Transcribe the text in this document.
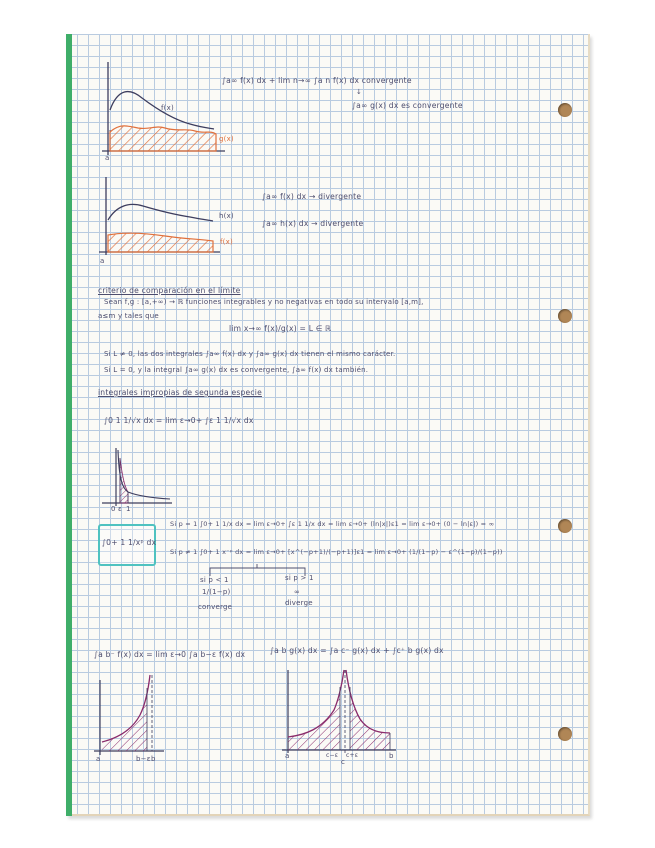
f(x)
g(x)
a
∫a∞ f(x) dx + lim n→∞ ∫a n f(x) dx convergente
↓
∫a∞ g(x) dx es convergente
h(x)
f(x)
a
∫a∞ f(x) dx → divergente
∫a∞ h(x) dx → divergente
criterio de comparación en el límite
Sean f,g : [a,+∞) → ℝ funciones integrables y no negativas en todo su intervalo [a,m],
a≤m y tales que
lim x→∞ f(x)/g(x) = L ∈ ℝ
Si L ≠ 0, las dos integrales ∫a∞ f(x) dx y ∫a∞ g(x) dx tienen el mismo carácter.
Si L = 0, y la integral ∫a∞ g(x) dx es convergente, ∫a∞ f(x) dx también.
integrales impropias de segunda especie
∫0 1 1/√x dx = lim ε→0+ ∫ε 1 1/√x dx
0 ε 1
∫0+ 1 1/xᵖ dx
Si p = 1 ∫0+ 1 1/x dx = lim ε→0+ ∫ε 1 1/x dx = lim ε→0+ (ln|x|)ε1 = lim ε→0+ (0 − ln|ε|) = ∞
Si p ≠ 1 ∫0+ 1 x⁻ᵖ dx = lim ε→0+ [x^(−p+1)/(−p+1)]ε1 = lim ε→0+ (1/(1−p) − ε^(1−p)/(1−p))
si p < 1
1/(1−p)
converge
si p > 1
∞
diverge
∫a b⁻ f(x) dx = lim ε→0 ∫a b−ε f(x) dx	∫a b g(x) dx = ∫a c⁻ g(x) dx + ∫c⁺ b g(x) dx
a	b−ε b	a	c−ε
c
c+ε	b
